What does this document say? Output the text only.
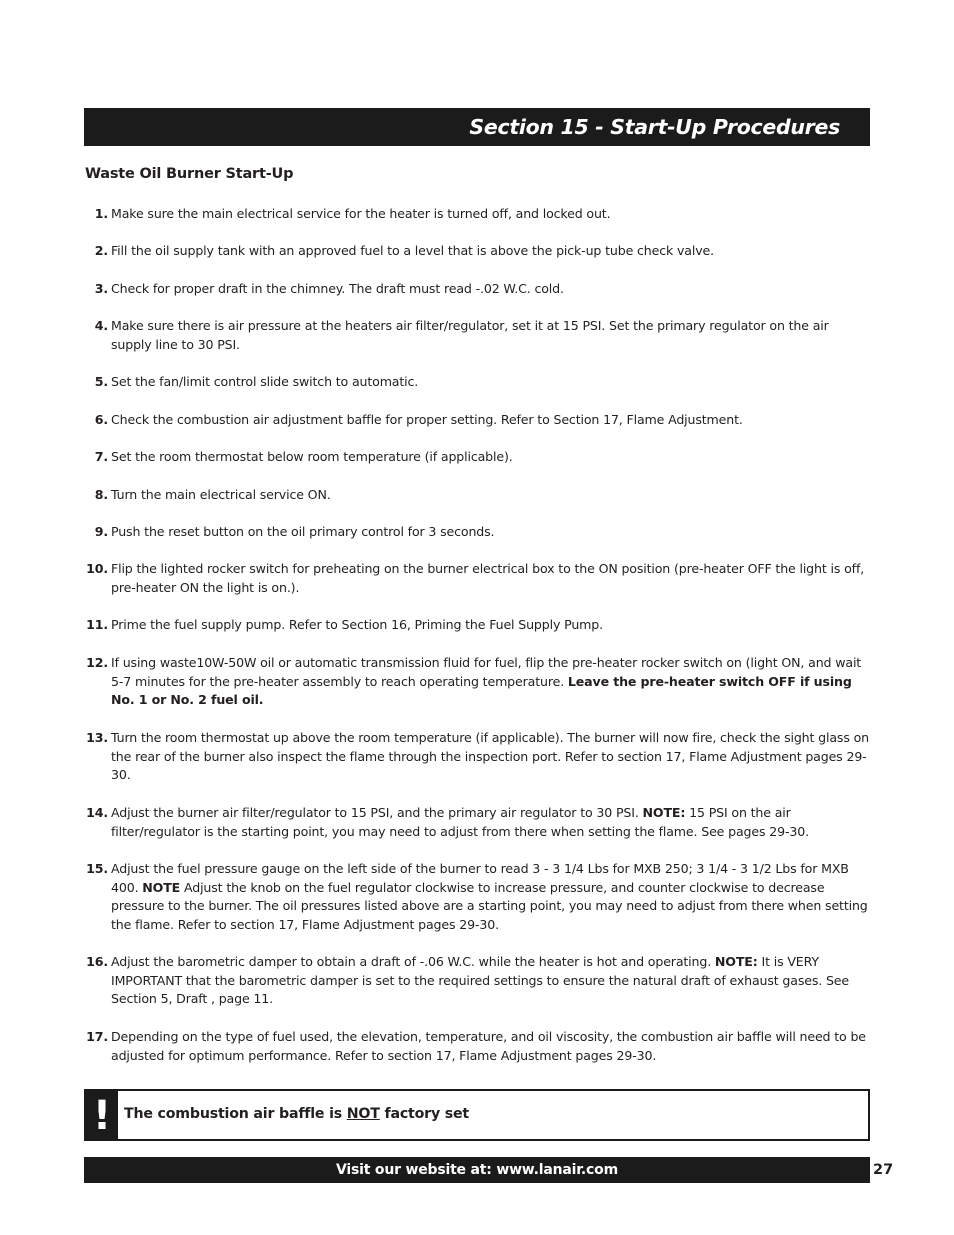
Section 15 - Start-Up Procedures
Waste Oil Burner Start-Up
1. Make sure the main electrical service for the heater is turned off, and locked out.
2. Fill the oil supply tank with an approved fuel to a level that is above the pick-up tube check valve.
3. Check for proper draft in the chimney. The draft must read -.02 W.C. cold.
4. Make sure there is air pressure at the heaters air filter/regulator, set it at 15 PSI. Set the primary regulator on the air supply line to 30 PSI.
5. Set the fan/limit control slide switch to automatic.
6. Check the combustion air adjustment baffle for proper setting. Refer to Section 17, Flame Adjustment.
7. Set the room thermostat below room temperature (if applicable).
8. Turn the main electrical service ON.
9. Push the reset button on the oil primary control for 3 seconds.
10. Flip the lighted rocker switch for preheating on the burner electrical box to the ON position (pre-heater OFF the light is off, pre-heater ON the light is on.).
11. Prime the fuel supply pump. Refer to Section 16, Priming the Fuel Supply Pump.
12. If using waste10W-50W oil or automatic transmission fluid for fuel, flip the pre-heater rocker switch on (light ON, and wait 5-7 minutes for the pre-heater assembly to reach operating temperature. Leave the pre-heater switch OFF if using No. 1 or No. 2 fuel oil.
13. Turn the room thermostat up above the room temperature (if applicable). The burner will now fire, check the sight glass on the rear of the burner also inspect the flame through the inspection port. Refer to section 17, Flame Adjustment pages 29-30.
14. Adjust the burner air filter/regulator to 15 PSI, and the primary air regulator to 30 PSI. NOTE: 15 PSI on the air filter/regulator is the starting point, you may need to adjust from there when setting the flame. See pages 29-30.
15. Adjust the fuel pressure gauge on the left side of the burner to read 3 - 3 1/4 Lbs for MXB 250; 3 1/4 - 3 1/2 Lbs for MXB 400. NOTE Adjust the knob on the fuel regulator clockwise to increase pressure, and counter clockwise to decrease pressure to the burner. The oil pressures listed above are a starting point, you may need to adjust from there when setting the flame. Refer to section 17, Flame Adjustment pages 29-30.
16. Adjust the barometric damper to obtain a draft of -.06 W.C. while the heater is hot and operating. NOTE: It is VERY IMPORTANT that the barometric damper is set to the required settings to ensure the natural draft of exhaust gases. See Section 5, Draft , page 11.
17. Depending on the type of fuel used, the elevation, temperature, and oil viscosity, the combustion air baffle will need to be adjusted for optimum performance. Refer to section 17, Flame Adjustment pages 29-30.
! The combustion air baffle is NOT factory set
Visit our website at: www.lanair.com	27
